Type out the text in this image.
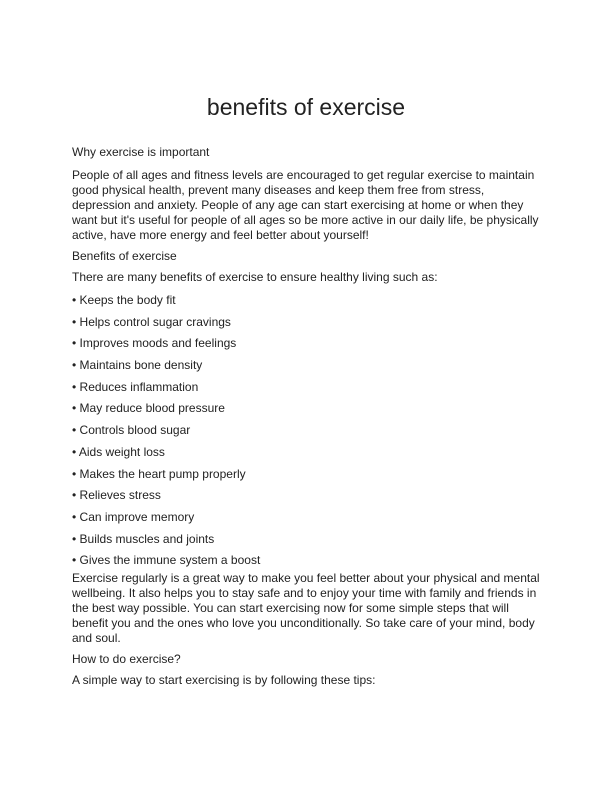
benefits of exercise

Why exercise is important

People of all ages and fitness levels are encouraged to get regular exercise to maintain good physical health, prevent many diseases and keep them free from stress, depression and anxiety. People of any age can start exercising at home or when they want but it's useful for people of all ages so be more active in our daily life, be physically active, have more energy and feel better about yourself!

Benefits of exercise

There are many benefits of exercise to ensure healthy living such as:

• Keeps the body fit
• Helps control sugar cravings
• Improves moods and feelings
• Maintains bone density
• Reduces inflammation
• May reduce blood pressure
• Controls blood sugar
• Aids weight loss
• Makes the heart pump properly
• Relieves stress
• Can improve memory
• Builds muscles and joints
• Gives the immune system a boost

Exercise regularly is a great way to make you feel better about your physical and mental wellbeing. It also helps you to stay safe and to enjoy your time with family and friends in the best way possible. You can start exercising now for some simple steps that will benefit you and the ones who love you unconditionally. So take care of your mind, body and soul.

How to do exercise?

A simple way to start exercising is by following these tips:
